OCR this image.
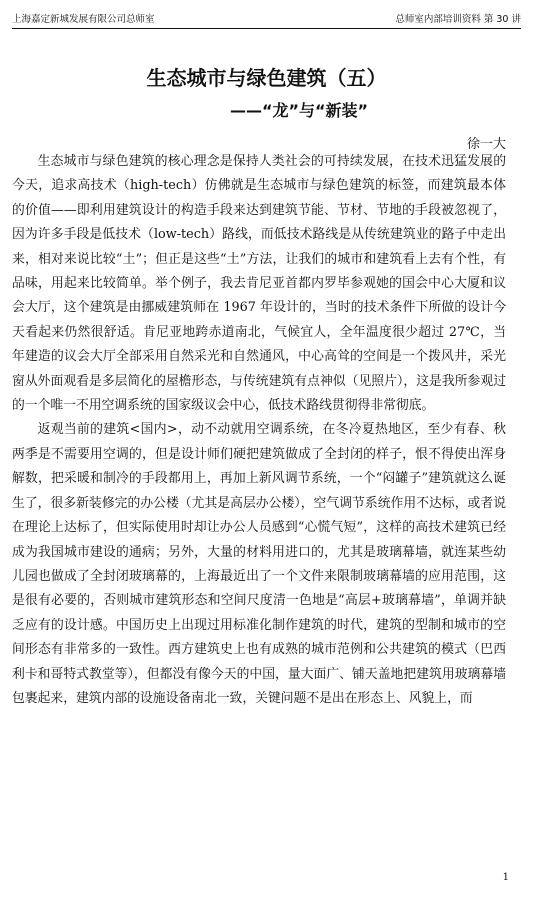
上海嘉定新城发展有限公司总师室	总师室内部培训资料 第 30 讲
生态城市与绿色建筑（五）
——“龙”与“新装”
徐一大

生态城市与绿色建筑的核心理念是保持人类社会的可持续发展，在技术迅猛发展的今天，追求高技术（high-tech）仿佛就是生态城市与绿色建筑的标签，而建筑最本体的价值——即利用建筑设计的构造手段来达到建筑节能、节材、节地的手段被忽视了，因为许多手段是低技术（low-tech）路线，而低技术路线是从传统建筑业的路子中走出来，相对来说比较“土”；但正是这些“土”方法，让我们的城市和建筑看上去有个性，有品味，用起来比较简单。举个例子，我去肯尼亚首都内罗毕参观她的国会中心大厦和议会大厅，这个建筑是由挪威建筑师在 1967 年设计的，当时的技术条件下所做的设计今天看起来仍然很舒适。肯尼亚地跨赤道南北，气候宜人，全年温度很少超过 27℃，当年建造的议会大厅全部采用自然采光和自然通风，中心高耸的空间是一个拨风井，采光窗从外面观看是多层简化的屋檐形态，与传统建筑有点神似（见照片），这是我所参观过的一个唯一不用空调系统的国家级议会中心，低技术路线贯彻得非常彻底。

返观当前的建筑<国内>，动不动就用空调系统，在冬冷夏热地区，至少有春、秋两季是不需要用空调的，但是设计师们硬把建筑做成了全封闭的样子，恨不得使出浑身解数，把采暖和制冷的手段都用上，再加上新风调节系统，一个“闷罐子”建筑就这么诞生了，很多新装修完的办公楼（尤其是高层办公楼），空气调节系统作用不达标，或者说在理论上达标了，但实际使用时却让办公人员感到“心慌气短”，这样的高技术建筑已经成为我国城市建设的通病；另外，大量的材料用进口的，尤其是玻璃幕墙，就连某些幼儿园也做成了全封闭玻璃幕的，上海最近出了一个文件来限制玻璃幕墙的应用范围，这是很有必要的，否则城市建筑形态和空间尺度清一色地是“高层+玻璃幕墙”，单调并缺乏应有的设计感。中国历史上出现过用标准化制作建筑的时代，建筑的型制和城市的空间形态有非常多的一致性。西方建筑史上也有成熟的城市范例和公共建筑的模式（巴西利卡和哥特式教堂等），但都没有像今天的中国，量大面广、铺天盖地把建筑用玻璃幕墙包裹起来，建筑内部的设施设备南北一致，关键问题不是出在形态上、风貌上，而

1
